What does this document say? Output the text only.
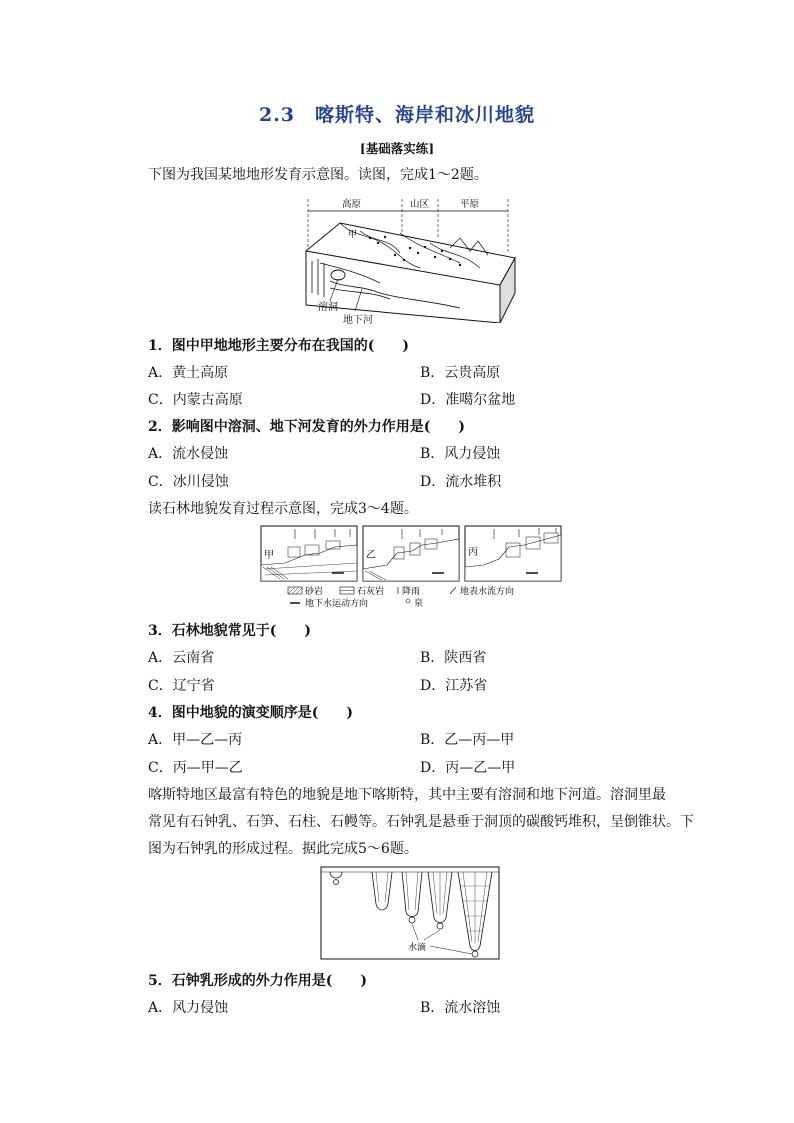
2.3　喀斯特、海岸和冰川地貌
[基础落实练]
下图为我国某地地形发育示意图。读图，完成1～2题。
高原	山区	平原
甲
溶洞
地下河
1．图中甲地地形主要分布在我国的(　　)
A．黄土高原	B．云贵高原
C．内蒙古高原	D．准噶尔盆地
2．影响图中溶洞、地下河发育的外力作用是(　　)
A．流水侵蚀	B．风力侵蚀
C．冰川侵蚀	D．流水堆积
读石林地貌发育过程示意图，完成3～4题。
甲	乙	丙
砂岩	石灰岩 降雨	地表水流方向
地下水运动方向	泉
3．石林地貌常见于(　　)
A．云南省	B．陕西省
C．辽宁省	D．江苏省
4．图中地貌的演变顺序是(　　)
A．甲—乙—丙	B．乙—丙—甲
C．丙—甲—乙	D．丙—乙—甲
喀斯特地区最富有特色的地貌是地下喀斯特，其中主要有溶洞和地下河道。溶洞里最
常见有石钟乳、石笋、石柱、石幔等。石钟乳是悬垂于洞顶的碳酸钙堆积，呈倒锥状。下
图为石钟乳的形成过程。据此完成5～6题。
水滴
5．石钟乳形成的外力作用是(　　)
A．风力侵蚀	B．流水溶蚀
